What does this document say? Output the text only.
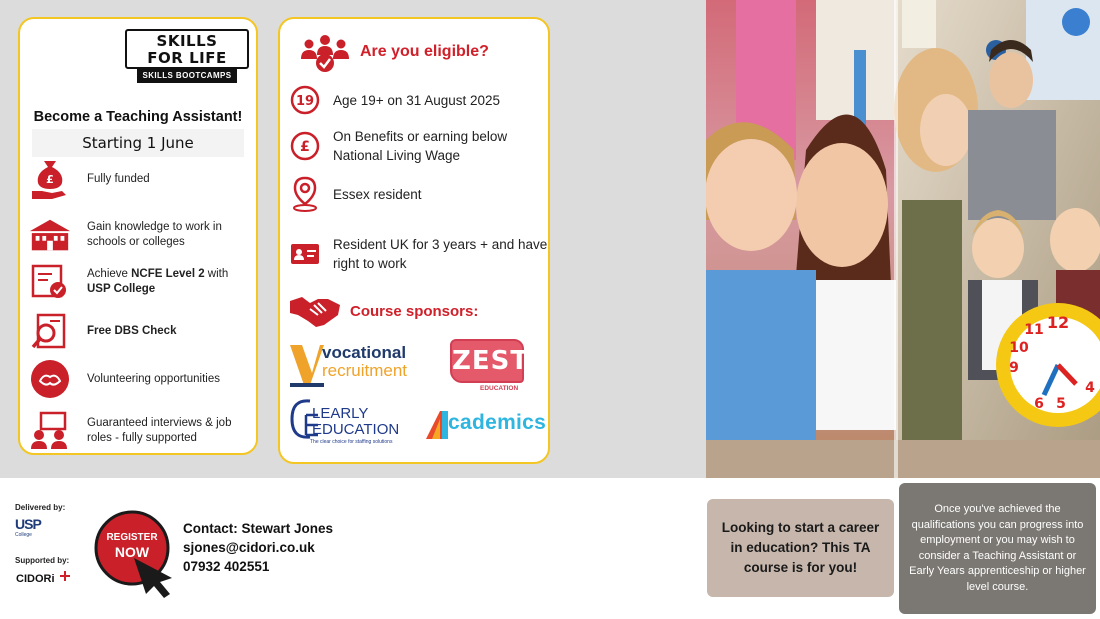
SKILLS
FOR LIFE
SKILLS BOOTCAMPS
Become a Teaching Assistant!
Starting 1 June
£	Fully funded
Gain knowledge to work in schools or colleges
Achieve NCFE Level 2 with
USP College
Free DBS Check
Volunteering opportunities
Guaranteed interviews & job roles - fully supported
Are you eligible?
19 Age 19+ on 31 August 2025
£
On Benefits or earning below National Living Wage
Essex resident
Resident UK for 3 years + and have right to work
Course sponsors:
vocational
recruitment ZEST
EDUCATION
LEARLY
EDUCATION
The clear choice for staffing solutions
cademics
12
11
10
9
6 5
4
Delivered by:
USP
College
Supported by:
CIDORi
REGISTER
NOW
Contact: Stewart Jones
sjones@cidori.co.uk
07932 402551
Looking to start a career in education? This TA course is for you!
Once you've achieved the qualifications you can progress into employment or you may wish to consider a Teaching Assistant or Early Years apprenticeship or higher level course.
